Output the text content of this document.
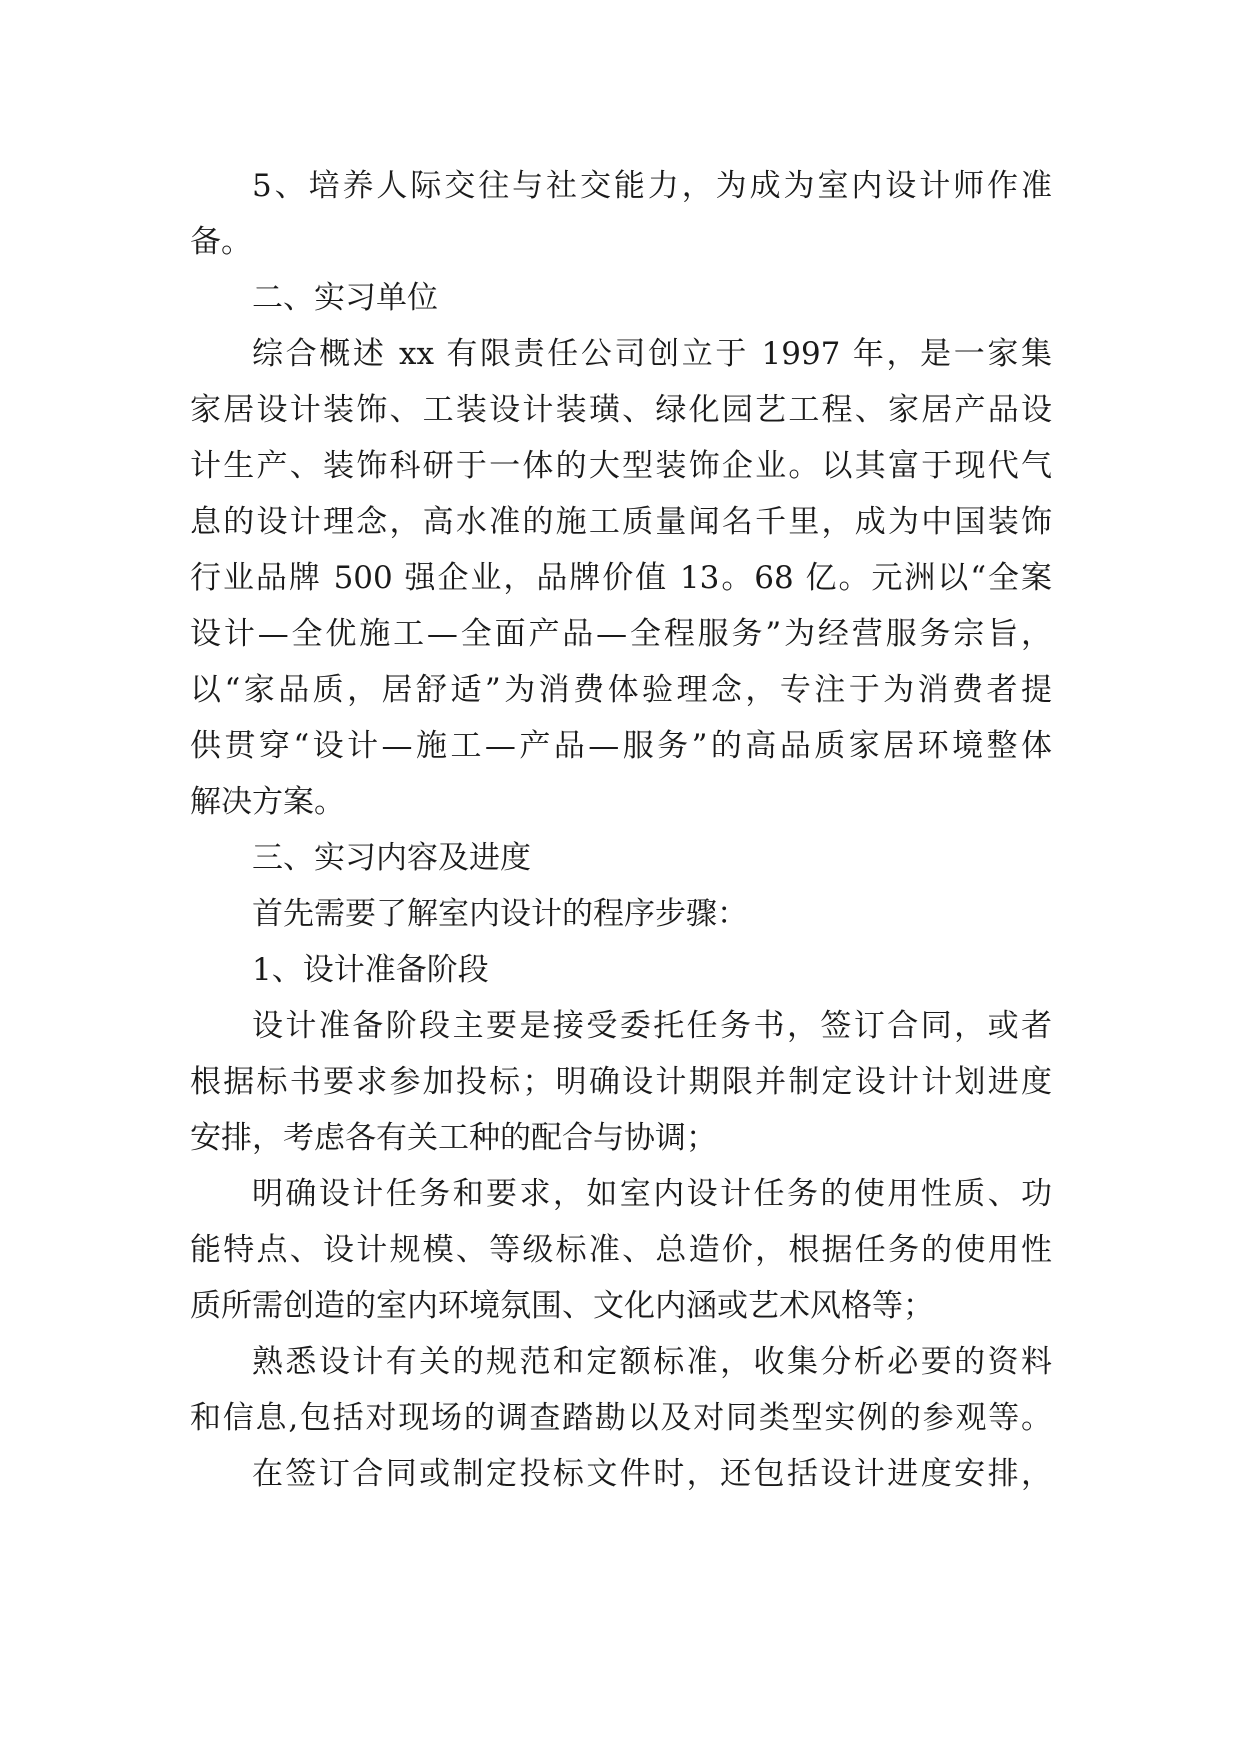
5、培养人际交往与社交能力，为成为室内设计师作准
备。
二、实习单位
综合概述 xx 有限责任公司创立于 1997 年，是一家集
家居设计装饰、工装设计装璜、绿化园艺工程、家居产品设
计生产、装饰科研于一体的大型装饰企业。以其富于现代气
息的设计理念，高水准的施工质量闻名千里，成为中国装饰
行业品牌 500 强企业，品牌价值 13。68 亿。元洲以“全案
设计—全优施工—全面产品—全程服务”为经营服务宗旨，
以“家品质，居舒适”为消费体验理念，专注于为消费者提
供贯穿“设计—施工—产品—服务”的高品质家居环境整体
解决方案。
三、实习内容及进度
首先需要了解室内设计的程序步骤：
1、设计准备阶段
设计准备阶段主要是接受委托任务书，签订合同，或者
根据标书要求参加投标；明确设计期限并制定设计计划进度
安排，考虑各有关工种的配合与协调；
明确设计任务和要求，如室内设计任务的使用性质、功
能特点、设计规模、等级标准、总造价，根据任务的使用性
质所需创造的室内环境氛围、文化内涵或艺术风格等；
熟悉设计有关的规范和定额标准，收集分析必要的资料
和信息,包括对现场的调查踏勘以及对同类型实例的参观等。
在签订合同或制定投标文件时，还包括设计进度安排，
